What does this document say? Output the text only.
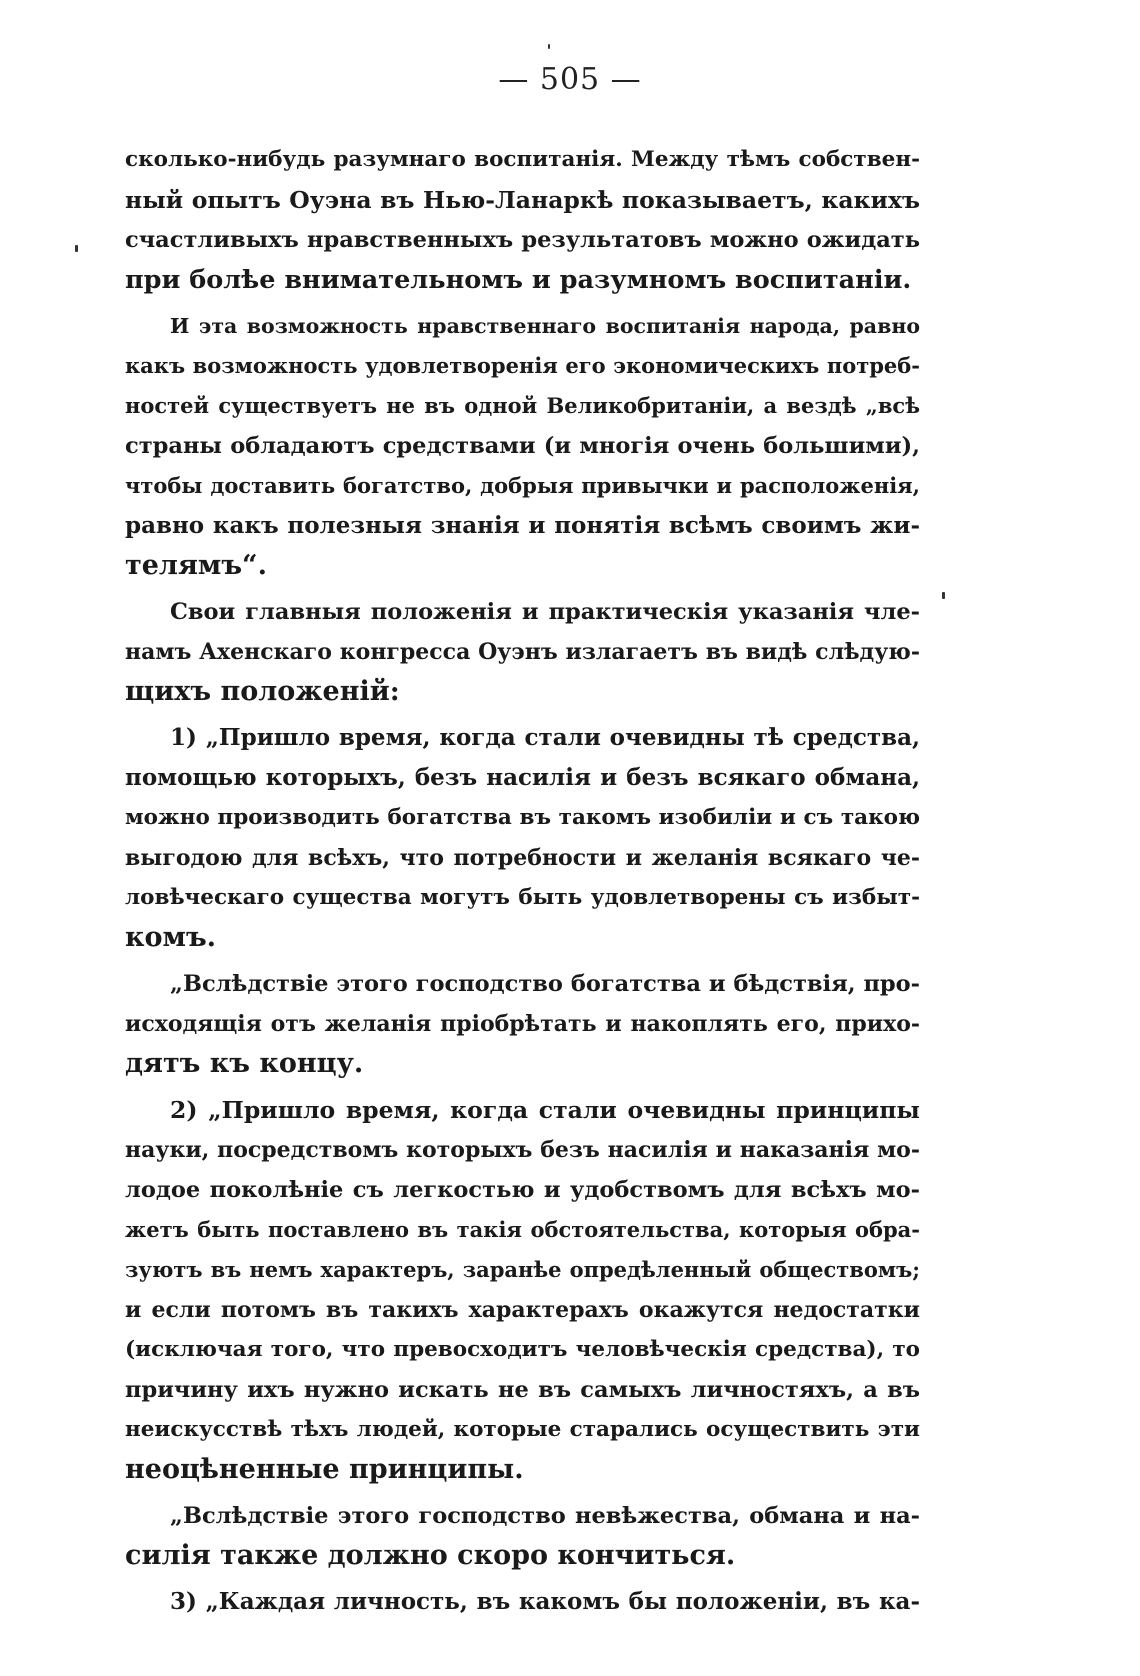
— 505 —
сколько-нибудь разумнаго воспитанія. Между тѣмъ собствен-
ный опытъ Оуэна въ Нью-Ланаркѣ показываетъ, какихъ
счастливыхъ нравственныхъ результатовъ можно ожидать
при болѣе внимательномъ и разумномъ воспитаніи.
И эта возможность нравственнаго воспитанія народа, равно
какъ возможность удовлетворенія его экономическихъ потреб-
ностей существуетъ не въ одной Великобританіи, а вездѣ „всѣ
страны обладаютъ средствами (и многія очень большими),
чтобы доставить богатство, добрыя привычки и расположенія,
равно какъ полезныя знанія и понятія всѣмъ своимъ жи-
телямъ“.
Свои главныя положенія и практическія указанія чле-
намъ Ахенскаго конгресса Оуэнъ излагаетъ въ видѣ слѣдую-
щихъ положеній:
1) „Пришло время, когда стали очевидны тѣ средства,
помощью которыхъ, безъ насилія и безъ всякаго обмана,
можно производить богатства въ такомъ изобиліи и съ такою
выгодою для всѣхъ, что потребности и желанія всякаго че-
ловѣческаго существа могутъ быть удовлетворены съ избыт-
комъ.
„Вслѣдствіе этого господство богатства и бѣдствія, про-
исходящія отъ желанія пріобрѣтать и накоплять его, прихо-
дятъ къ концу.
2) „Пришло время, когда стали очевидны принципы
науки, посредствомъ которыхъ безъ насилія и наказанія мо-
лодое поколѣніе съ легкостью и удобствомъ для всѣхъ мо-
жетъ быть поставлено въ такія обстоятельства, которыя обра-
зуютъ въ немъ характеръ, заранѣе опредѣленный обществомъ;
и если потомъ въ такихъ характерахъ окажутся недостатки
(исключая того, что превосходитъ человѣческія средства), то
причину ихъ нужно искать не въ самыхъ личностяхъ, а въ
неискусствѣ тѣхъ людей, которые старались осуществить эти
неоцѣненные принципы.
„Вслѣдствіе этого господство невѣжества, обмана и на-
силія также должно скоро кончиться.
3) „Каждая личность, въ какомъ бы положеніи, въ ка-
